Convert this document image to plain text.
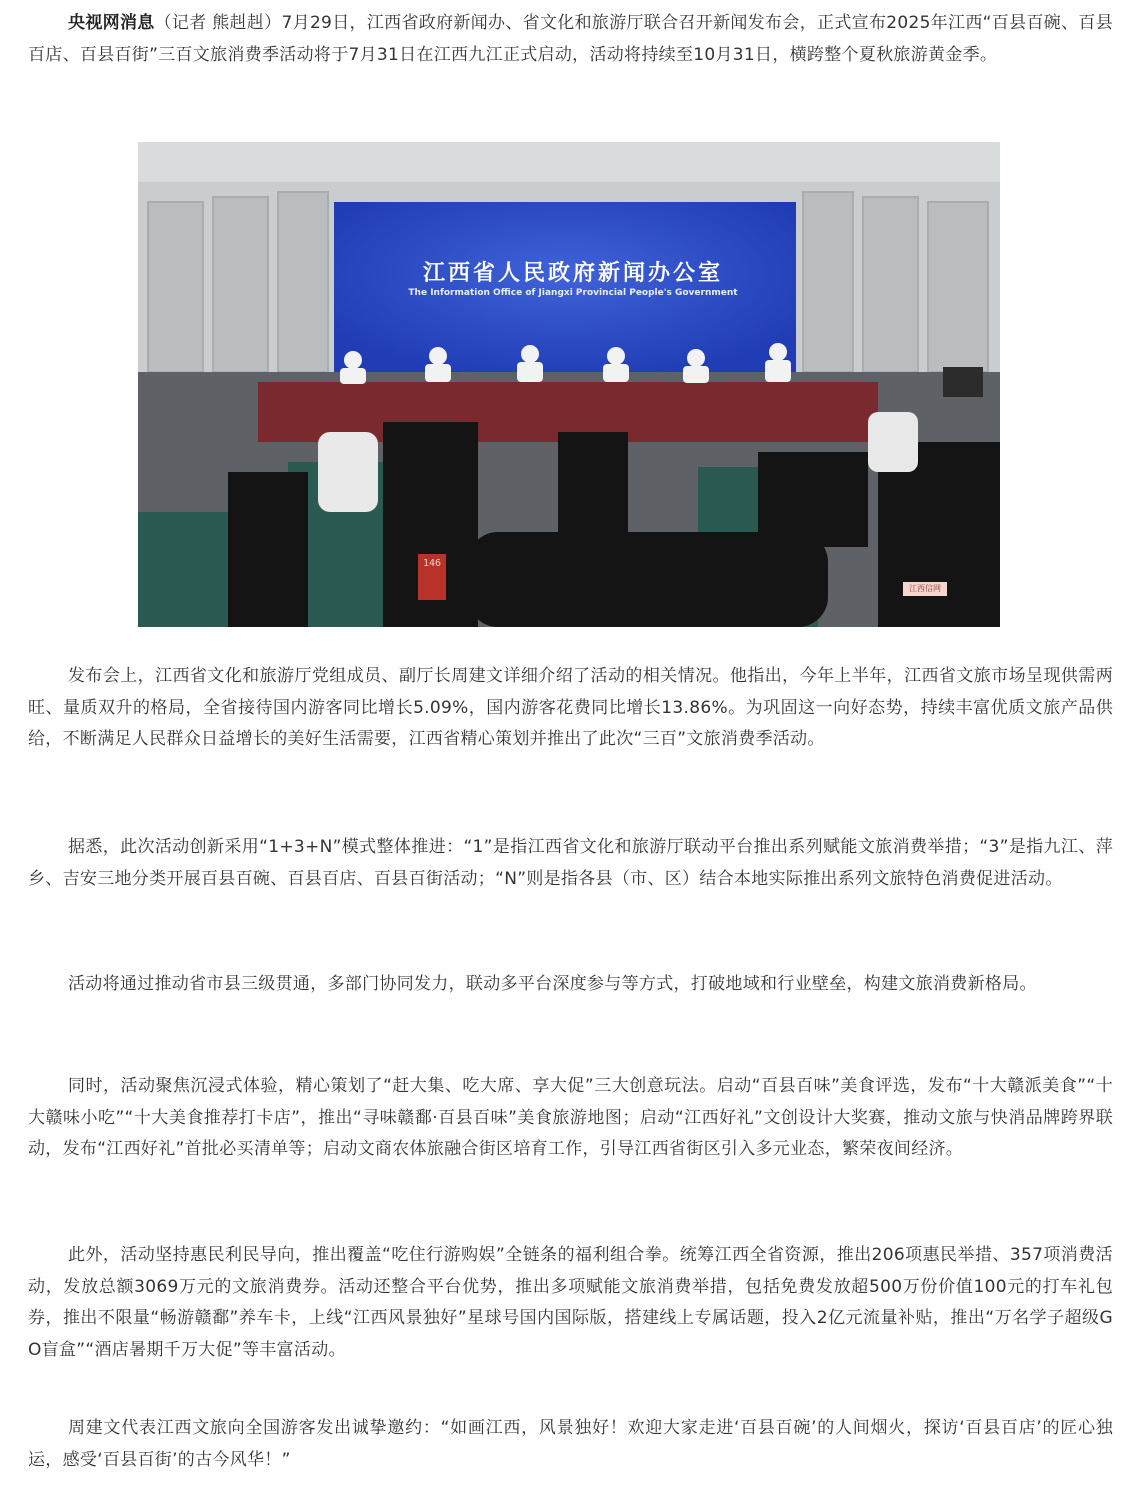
央视网消息（记者 熊赳赳）7月29日，江西省政府新闻办、省文化和旅游厅联合召开新闻发布会，正式宣布2025年江西“百县百碗、百县百店、百县百街”三百文旅消费季活动将于7月31日在江西九江正式启动，活动将持续至10月31日，横跨整个夏秋旅游黄金季。

江西省人民政府新闻办公室
The Information Office of Jiangxi Provincial People's Government
146
江西信网

发布会上，江西省文化和旅游厅党组成员、副厅长周建文详细介绍了活动的相关情况。他指出，今年上半年，江西省文旅市场呈现供需两旺、量质双升的格局，全省接待国内游客同比增长5.09%，国内游客花费同比增长13.86%。为巩固这一向好态势，持续丰富优质文旅产品供给，不断满足人民群众日益增长的美好生活需要，江西省精心策划并推出了此次“三百”文旅消费季活动。

据悉，此次活动创新采用“1+3+N”模式整体推进：“1”是指江西省文化和旅游厅联动平台推出系列赋能文旅消费举措；“3”是指九江、萍乡、吉安三地分类开展百县百碗、百县百店、百县百街活动；“N”则是指各县（市、区）结合本地实际推出系列文旅特色消费促进活动。

活动将通过推动省市县三级贯通，多部门协同发力，联动多平台深度参与等方式，打破地域和行业壁垒，构建文旅消费新格局。

同时，活动聚焦沉浸式体验，精心策划了“赶大集、吃大席、享大促”三大创意玩法。启动“百县百味”美食评选，发布“十大赣派美食”“十大赣味小吃”“十大美食推荐打卡店”，推出“寻味赣鄱·百县百味”美食旅游地图；启动“江西好礼”文创设计大奖赛，推动文旅与快消品牌跨界联动，发布“江西好礼”首批必买清单等；启动文商农体旅融合街区培育工作，引导江西省街区引入多元业态，繁荣夜间经济。

此外，活动坚持惠民利民导向，推出覆盖“吃住行游购娱”全链条的福利组合拳。统筹江西全省资源，推出206项惠民举措、357项消费活动，发放总额3069万元的文旅消费券。活动还整合平台优势，推出多项赋能文旅消费举措，包括免费发放超500万份价值100元的打车礼包券，推出不限量“畅游赣鄱”养车卡，上线“江西风景独好”星球号国内国际版，搭建线上专属话题，投入2亿元流量补贴，推出“万名学子超级GO盲盒”“酒店暑期千万大促”等丰富活动。

周建文代表江西文旅向全国游客发出诚挚邀约：“如画江西，风景独好！欢迎大家走进‘百县百碗’的人间烟火，探访‘百县百店’的匠心独运，感受‘百县百街’的古今风华！”
